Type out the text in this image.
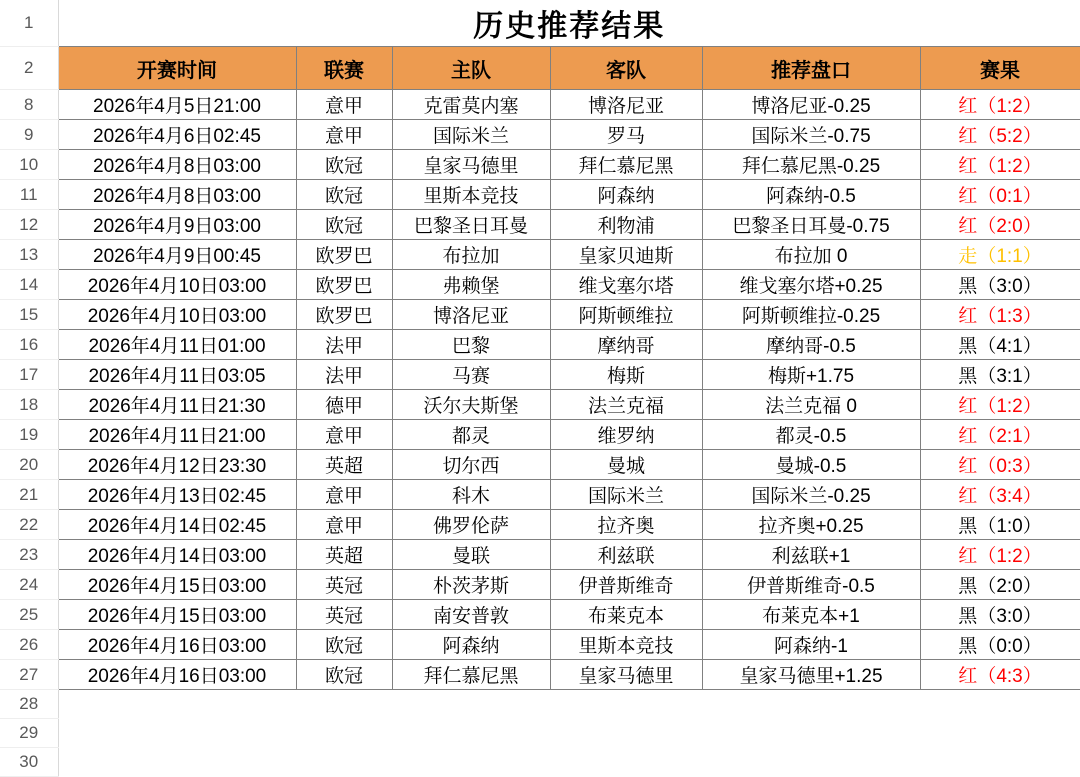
1	历史推荐结果					
2	开赛时间	联赛	主队	客队	推荐盘口	赛果
8	2026年4月5日21:00	意甲	克雷莫内塞	博洛尼亚	博洛尼亚-0.25	红（1:2）
9	2026年4月6日02:45	意甲	国际米兰	罗马	国际米兰-0.75	红（5:2）
10	2026年4月8日03:00	欧冠	皇家马德里	拜仁慕尼黑	拜仁慕尼黑-0.25	红（1:2）
11	2026年4月8日03:00	欧冠	里斯本竞技	阿森纳	阿森纳-0.5	红（0:1）
12	2026年4月9日03:00	欧冠	巴黎圣日耳曼	利物浦	巴黎圣日耳曼-0.75	红（2:0）
13	2026年4月9日00:45	欧罗巴	布拉加	皇家贝迪斯	布拉加 0	走（1:1）
14	2026年4月10日03:00	欧罗巴	弗赖堡	维戈塞尔塔	维戈塞尔塔+0.25	黑（3:0）
15	2026年4月10日03:00	欧罗巴	博洛尼亚	阿斯顿维拉	阿斯顿维拉-0.25	红（1:3）
16	2026年4月11日01:00	法甲	巴黎	摩纳哥	摩纳哥-0.5	黑（4:1）
17	2026年4月11日03:05	法甲	马赛	梅斯	梅斯+1.75	黑（3:1）
18	2026年4月11日21:30	德甲	沃尔夫斯堡	法兰克福	法兰克福 0	红（1:2）
19	2026年4月11日21:00	意甲	都灵	维罗纳	都灵-0.5	红（2:1）
20	2026年4月12日23:30	英超	切尔西	曼城	曼城-0.5	红（0:3）
21	2026年4月13日02:45	意甲	科木	国际米兰	国际米兰-0.25	红（3:4）
22	2026年4月14日02:45	意甲	佛罗伦萨	拉齐奥	拉齐奥+0.25	黑（1:0）
23	2026年4月14日03:00	英超	曼联	利兹联	利兹联+1	红（1:2）
24	2026年4月15日03:00	英冠	朴茨茅斯	伊普斯维奇	伊普斯维奇-0.5	黑（2:0）
25	2026年4月15日03:00	英冠	南安普敦	布莱克本	布莱克本+1	黑（3:0）
26	2026年4月16日03:00	欧冠	阿森纳	里斯本竞技	阿森纳-1	黑（0:0）
27	2026年4月16日03:00	欧冠	拜仁慕尼黑	皇家马德里	皇家马德里+1.25	红（4:3）
28						
29						
30						
